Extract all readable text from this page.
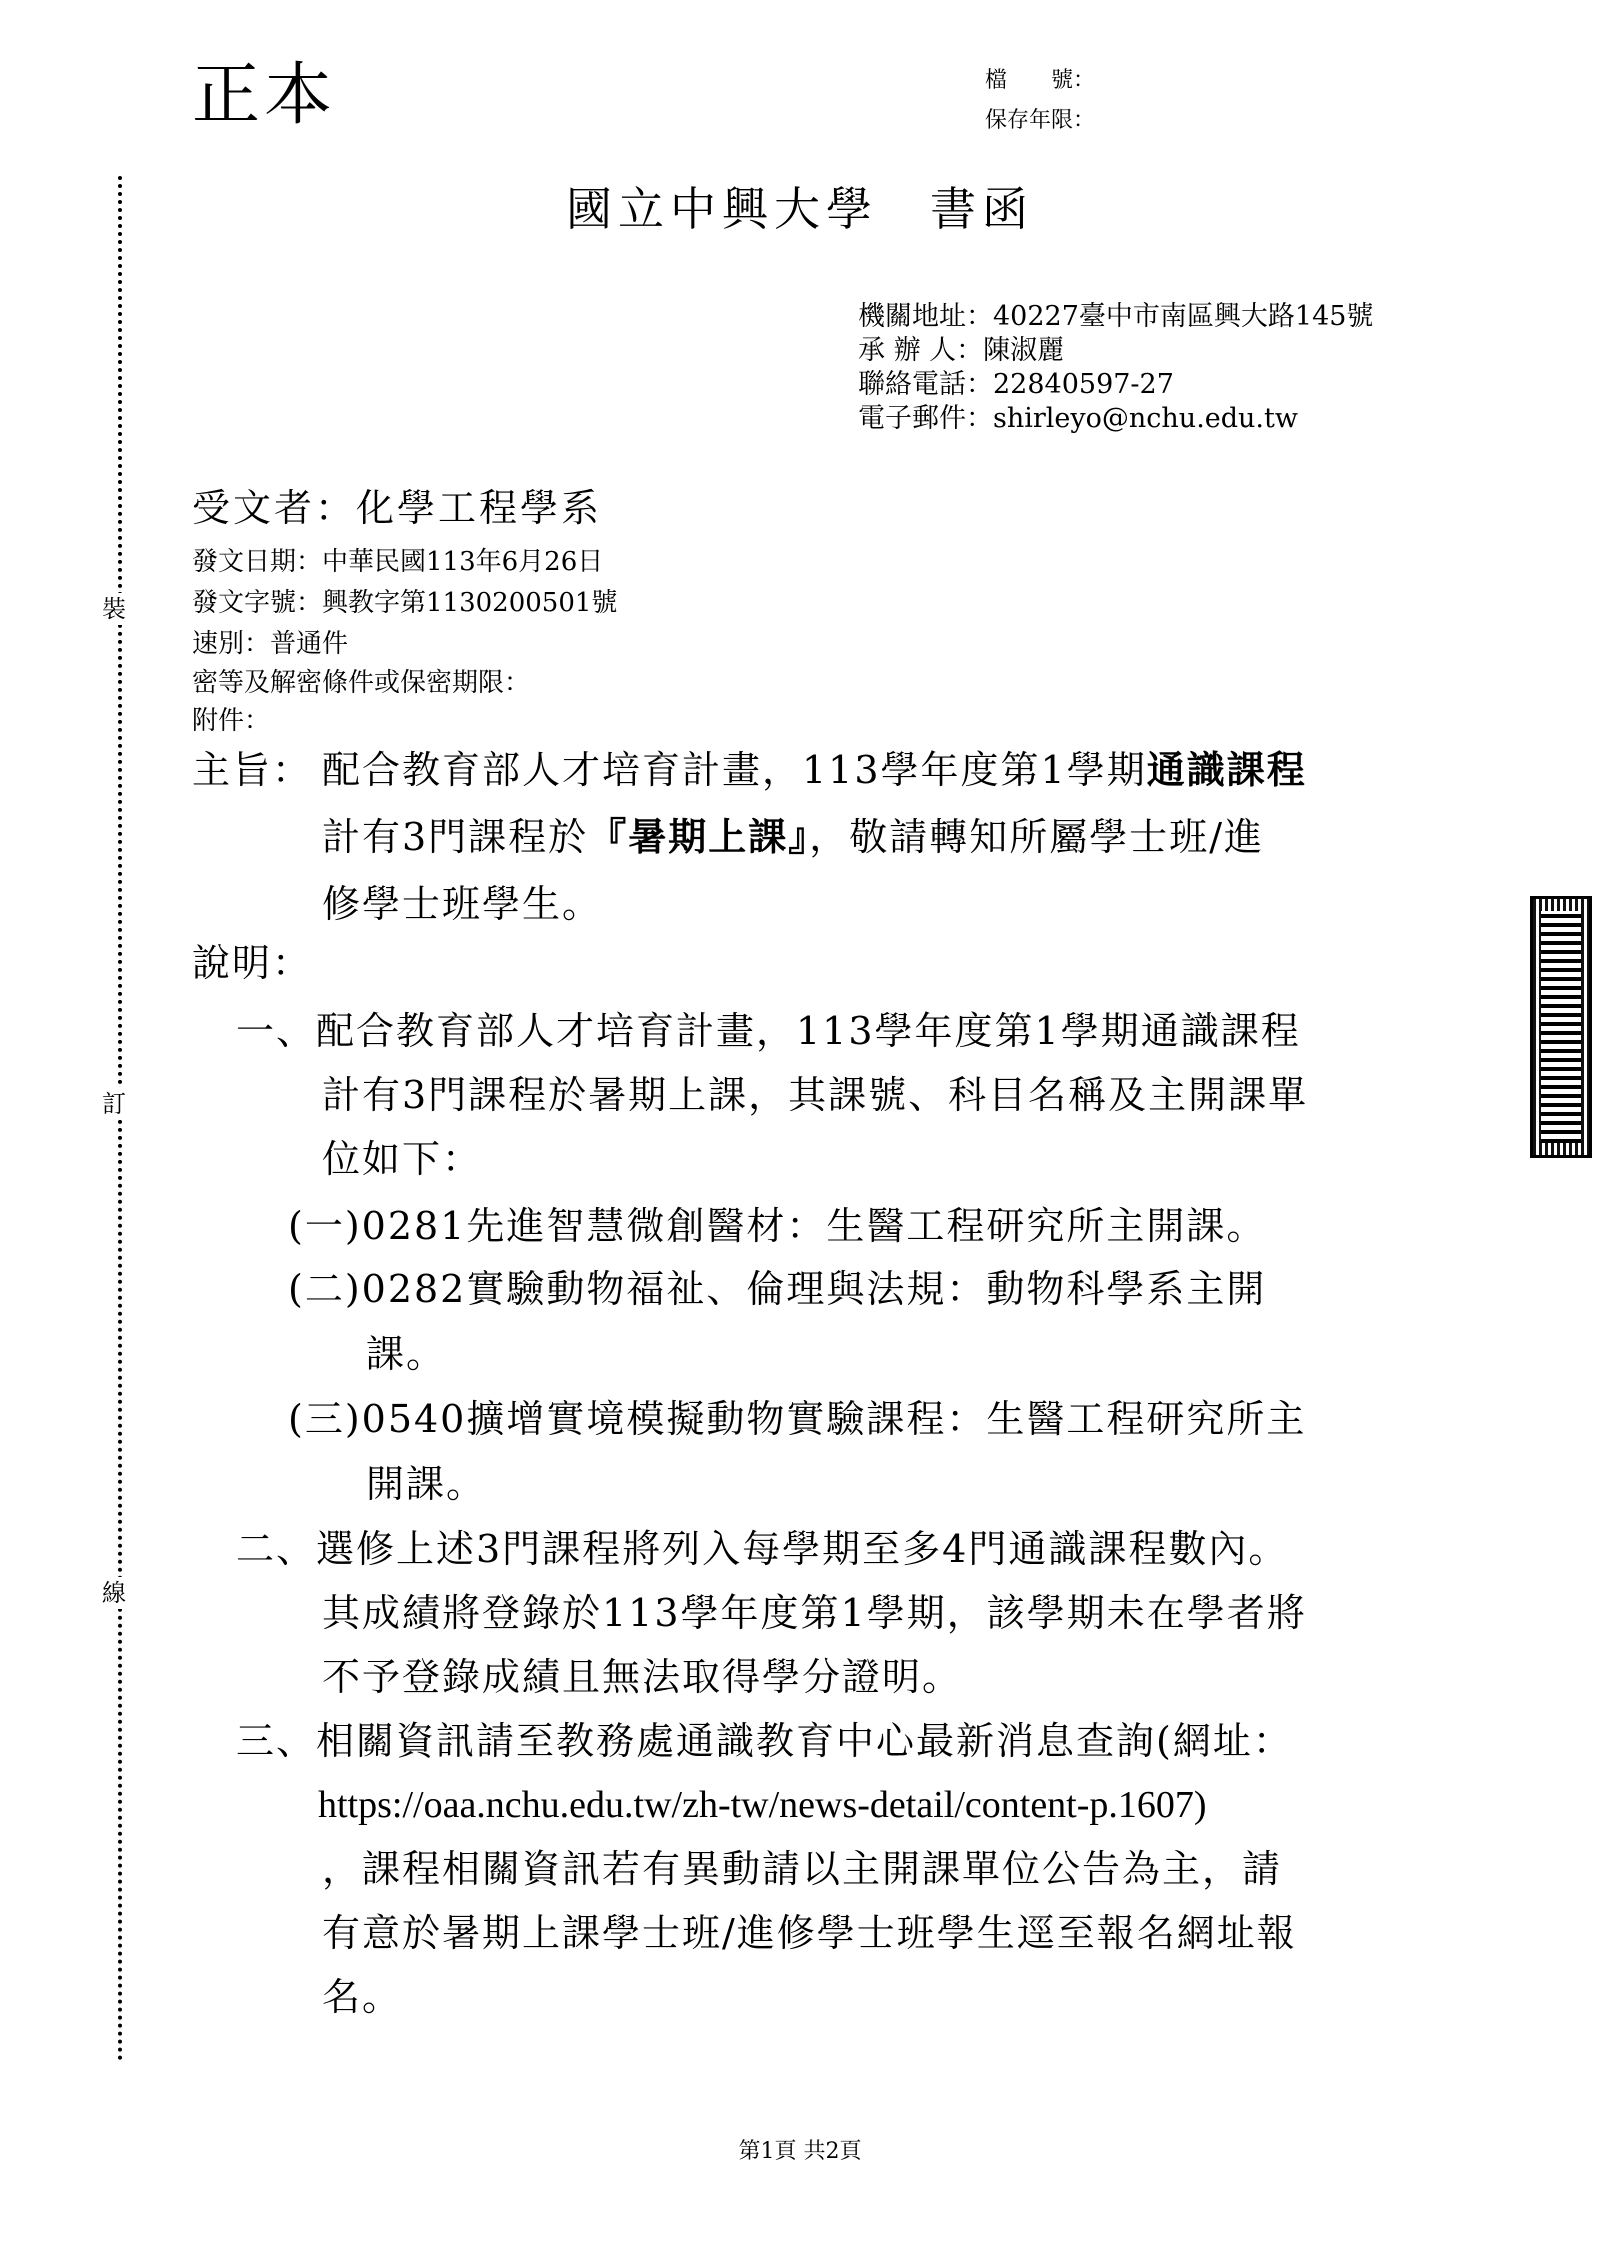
裝
訂
線
正本	檔　　號：
保存年限：
國立中興大學　書函
機關地址：40227臺中市南區興大路145號
承 辦 人：陳淑麗
聯絡電話：22840597-27
電子郵件：shirleyo@nchu.edu.tw
受文者：化學工程學系
發文日期：中華民國113年6月26日
發文字號：興教字第1130200501號
速別：普通件
密等及解密條件或保密期限：
附件：
主旨： 配合教育部人才培育計畫，113學年度第1學期通識課程
計有3門課程於『暑期上課』，敬請轉知所屬學士班/進
修學士班學生。
說明：
一、配合教育部人才培育計畫，113學年度第1學期通識課程
計有3門課程於暑期上課，其課號、科目名稱及主開課單
位如下：
(一)0281先進智慧微創醫材：生醫工程研究所主開課。
(二)0282實驗動物福祉、倫理與法規：動物科學系主開
課。
(三)0540擴增實境模擬動物實驗課程：生醫工程研究所主
開課。
二、選修上述3門課程將列入每學期至多4門通識課程數內。
其成績將登錄於113學年度第1學期，該學期未在學者將
不予登錄成績且無法取得學分證明。
三、相關資訊請至教務處通識教育中心最新消息查詢(網址：
https://oaa.nchu.edu.tw/zh-tw/news-detail/content-p.1607)
，課程相關資訊若有異動請以主開課單位公告為主，請
有意於暑期上課學士班/進修學士班學生逕至報名網址報
名。
第1頁 共2頁
